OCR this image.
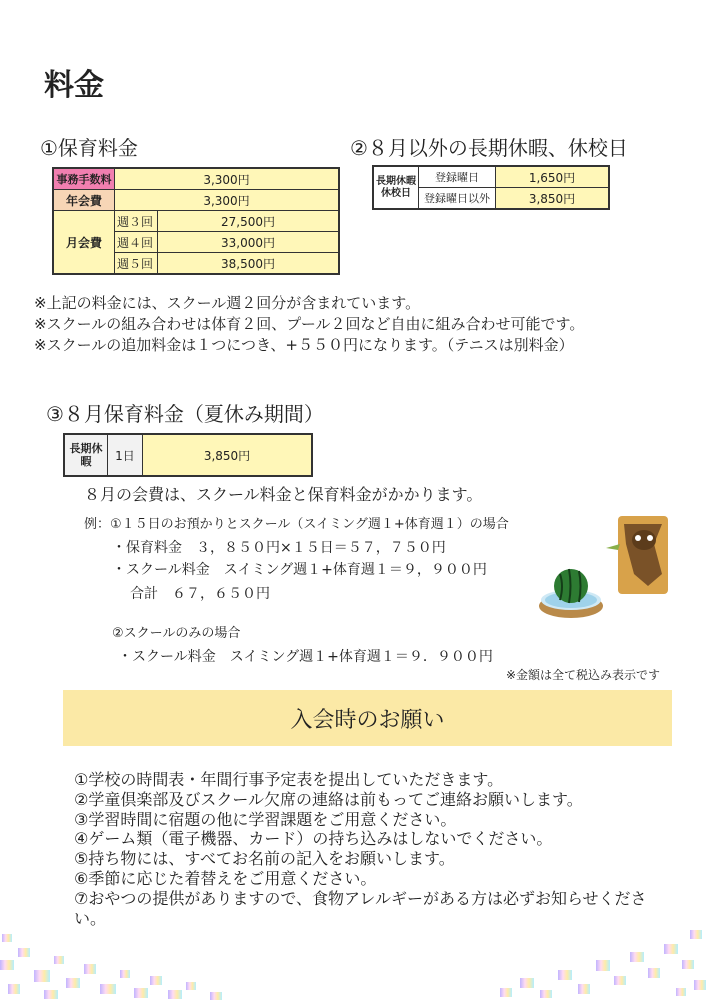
料金
①保育料金	②８月以外の長期休暇、休校日
事務手数料	3,300円	
年会費	3,300円	
月会費	週３回	27,500円
	週４回	33,000円
	週５回	38,500円
長期休暇休校日	登録曜日	1,650円
	登録曜日以外	3,850円
※上記の料金には、スクール週２回分が含まれています。
※スクールの組み合わせは体育２回、プール２回など自由に組み合わせ可能です。
※スクールの追加料金は１つにつき、+５５０円になります。（テニスは別料金）
③８月保育料金（夏休み期間）
長期休暇	1日	3,850円
８月の会費は、スクール料金と保育料金がかかります。
例：①１５日のお預かりとスクール（スイミング週１+体育週１）の場合
・保育料金　３，８５０円×１５日＝５７，７５０円
・スクール料金　スイミング週１+体育週１＝９，９００円
合計　６７，６５０円
②スクールのみの場合
・スクール料金　スイミング週１+体育週１＝９．９００円
※金額は全て税込み表示です
入会時のお願い
①学校の時間表・年間行事予定表を提出していただきます。
②学童倶楽部及びスクール欠席の連絡は前もってご連絡お願いします。
③学習時間に宿題の他に学習課題をご用意ください。
④ゲーム類（電子機器、カード）の持ち込みはしないでください。
⑤持ち物には、すべてお名前の記入をお願いします。
⑥季節に応じた着替えをご用意ください。
⑦おやつの提供がありますので、食物アレルギーがある方は必ずお知らせください。
